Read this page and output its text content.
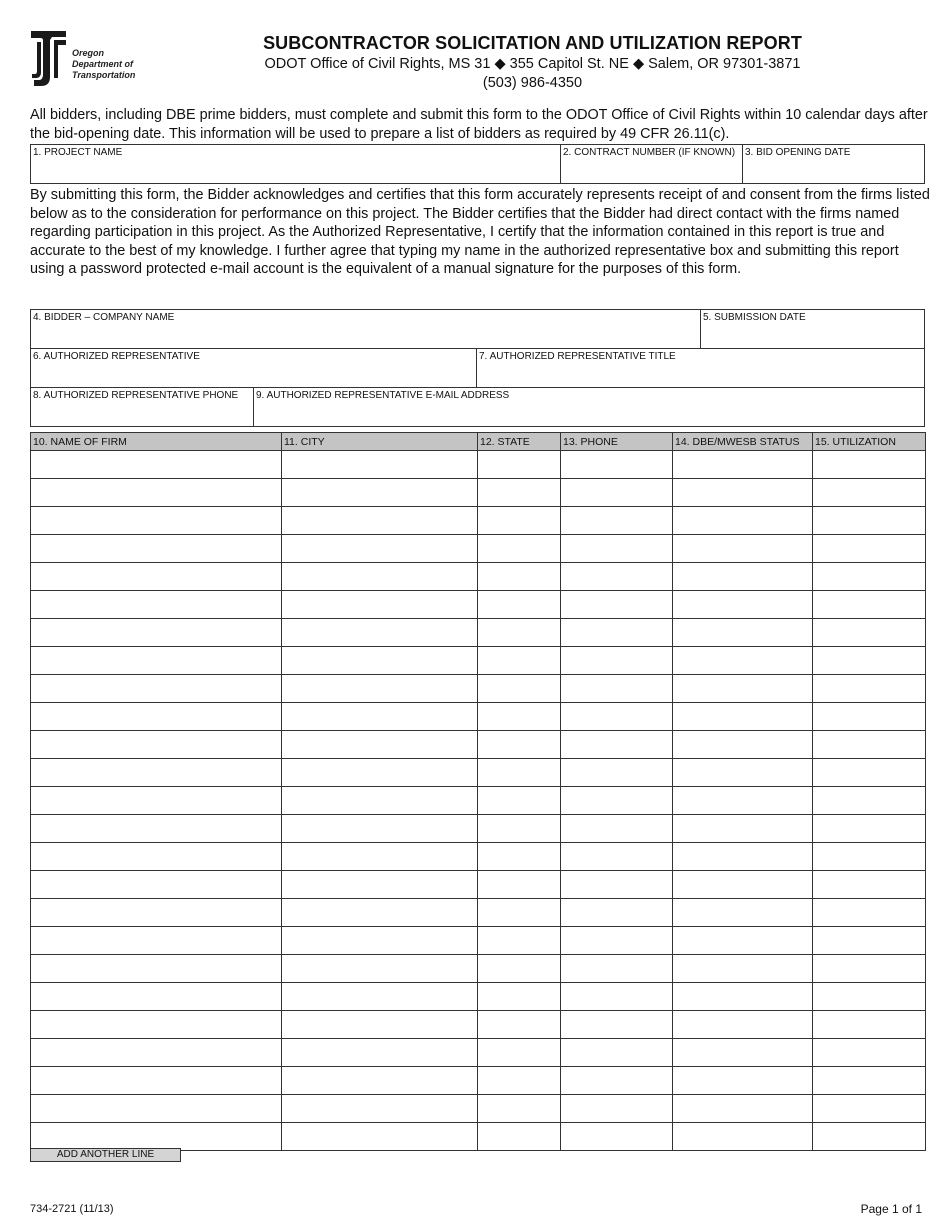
Oregon
Department of
Transportation
SUBCONTRACTOR SOLICITATION AND UTILIZATION REPORT
ODOT Office of Civil Rights, MS 31 ◆ 355 Capitol St. NE ◆ Salem, OR 97301-3871
(503) 986-4350
All bidders, including DBE prime bidders, must complete and submit this form to the ODOT Office of Civil Rights within 10 calendar days after the bid-opening date. This information will be used to prepare a list of bidders as required by 49 CFR 26.11(c).
1. PROJECT NAME	2. CONTRACT NUMBER (IF KNOWN) 3. BID OPENING DATE
By submitting this form, the Bidder acknowledges and certifies that this form accurately represents receipt of and consent from the firms listed below as to the consideration for performance on this project. The Bidder certifies that the Bidder had direct contact with the firms named regarding participation in this project. As the Authorized Representative, I certify that the information contained in this report is true and accurate to the best of my knowledge. I further agree that typing my name in the authorized representative box and submitting this report using a password protected e-mail account is the equivalent of a manual signature for the purposes of this form.
4. BIDDER – COMPANY NAME	5. SUBMISSION DATE
6. AUTHORIZED REPRESENTATIVE	7. AUTHORIZED REPRESENTATIVE TITLE
8. AUTHORIZED REPRESENTATIVE PHONE 9. AUTHORIZED REPRESENTATIVE E-MAIL ADDRESS
10. NAME OF FIRM	11. CITY	12. STATE	13. PHONE	14. DBE/MWESB STATUS	15. UTILIZATION

ADD ANOTHER LINE
734-2721 (11/13)	Page 1 of 1
